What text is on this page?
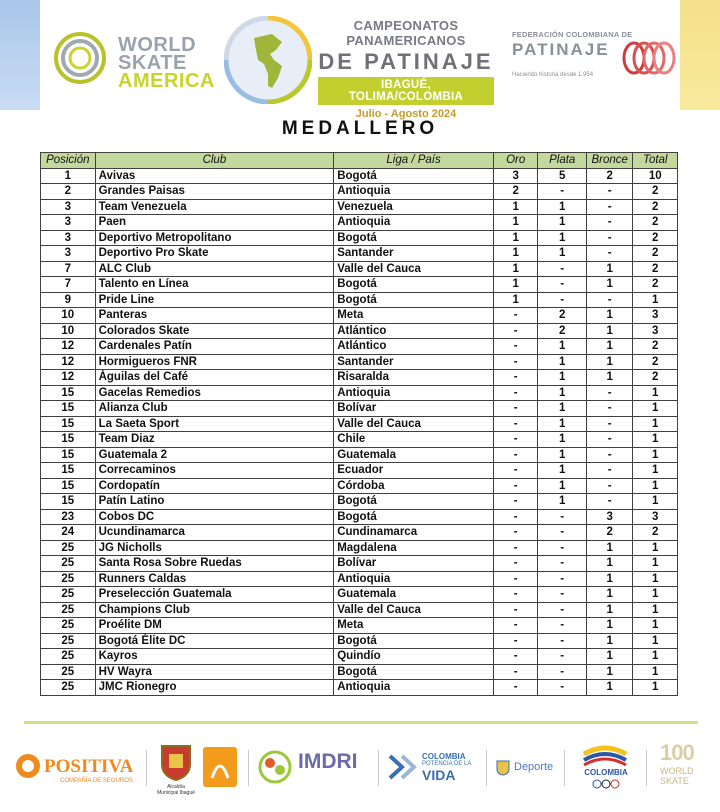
WORLD
SKATE
AMERICA
CAMPEONATOS PANAMERICANOS
DE PATINAJE
IBAGUÉ, TOLIMA/COLOMBIA
Julio - Agosto 2024
FEDERACIÓN COLOMBIANA DE
PATINAJE
Haciendo historia desde 1.954
MEDALLERO
Posición	Club	Liga / País	Oro	Plata	Bronce	Total
1	Avivas	Bogotá	3	5	2	10
2	Grandes Paisas	Antioquia	2	-	-	2
3	Team Venezuela	Venezuela	1	1	-	2
3	Paen	Antioquia	1	1	-	2
3	Deportivo Metropolitano	Bogotá	1	1	-	2
3	Deportivo Pro Skate	Santander	1	1	-	2
7	ALC Club	Valle del Cauca	1	-	1	2
7	Talento en Línea	Bogotá	1	-	1	2
9	Pride Line	Bogotá	1	-	-	1
10	Panteras	Meta	-	2	1	3
10	Colorados Skate	Atlántico	-	2	1	3
12	Cardenales Patín	Atlántico	-	1	1	2
12	Hormigueros FNR	Santander	-	1	1	2
12	Águilas del Café	Risaralda	-	1	1	2
15	Gacelas Remedios	Antioquia	-	1	-	1
15	Alianza Club	Bolívar	-	1	-	1
15	La Saeta Sport	Valle del Cauca	-	1	-	1
15	Team Diaz	Chile	-	1	-	1
15	Guatemala 2	Guatemala	-	1	-	1
15	Correcaminos	Ecuador	-	1	-	1
15	Cordopatín	Córdoba	-	1	-	1
15	Patín Latino	Bogotá	-	1	-	1
23	Cobos DC	Bogotá	-	-	3	3
24	Ucundinamarca	Cundinamarca	-	-	2	2
25	JG Nicholls	Magdalena	-	-	1	1
25	Santa Rosa Sobre Ruedas	Bolívar	-	-	1	1
25	Runners Caldas	Antioquia	-	-	1	1
25	Preselección Guatemala	Guatemala	-	-	1	1
25	Champions Club	Valle del Cauca	-	-	1	1
25	Proélite DM	Meta	-	-	1	1
25	Bogotá Élite DC	Bogotá	-	-	1	1
25	Kayros	Quindío	-	-	1	1
25	HV Wayra	Bogotá	-	-	1	1
25	JMC Rionegro	Antioquia	-	-	1	1
POSITIVA
COMPAÑÍA DE SEGUROS
Alcaldía Municipal Ibagué
IMDRI	COLOMBIA
POTENCIA DE LA
VIDA	Deporte	COLOMBIA
100
WORLD
SKATE
